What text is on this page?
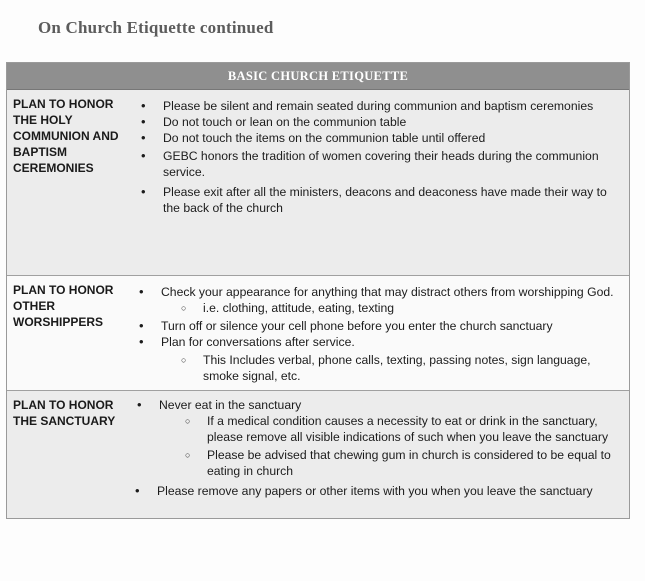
On Church Etiquette continued
BASIC CHURCH ETIQUETTE
PLAN TO HONOR THE HOLY COMMUNION AND BAPTISM CEREMONIES
• Please be silent and remain seated during communion and baptism ceremonies
• Do not touch or lean on the communion table
• Do not touch the items on the communion table until offered
• GEBC honors the tradition of women covering their heads during the communion service.
• Please exit after all the ministers, deacons and deaconess have made their way to the back of the church
PLAN TO HONOR OTHER WORSHIPPERS
• Check your appearance for anything that may distract others from worshipping God.
○ i.e. clothing, attitude, eating, texting
• Turn off or silence your cell phone before you enter the church sanctuary
• Plan for conversations after service.
○ This Includes verbal, phone calls, texting, passing notes, sign language, smoke signal, etc.
PLAN TO HONOR THE SANCTUARY
• Never eat in the sanctuary
○ If a medical condition causes a necessity to eat or drink in the sanctuary, please remove all visible indications of such when you leave the sanctuary
○ Please be advised that chewing gum in church is considered to be equal to eating in church
• Please remove any papers or other items with you when you leave the sanctuary
